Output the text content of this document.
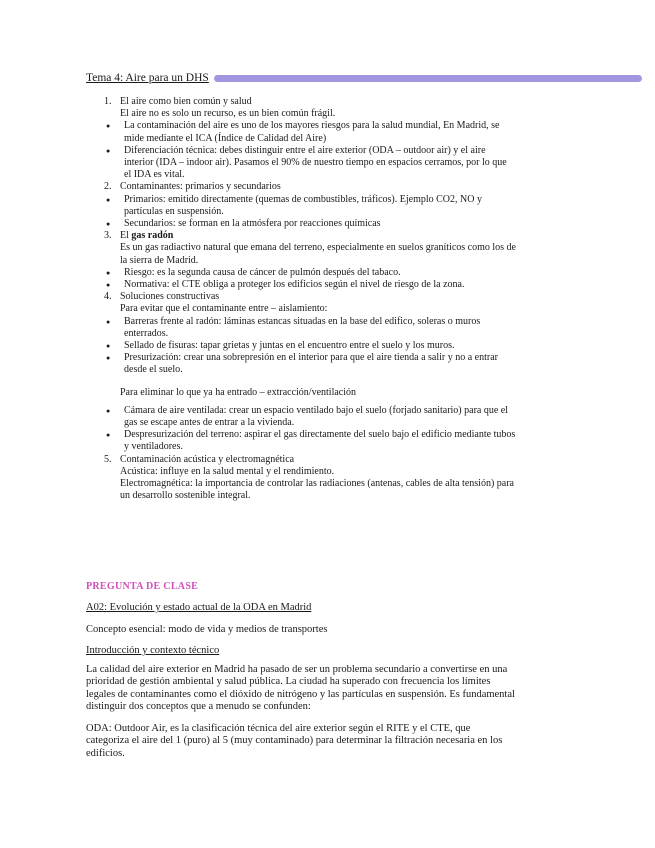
Tema 4: Aire para un DHS
1. El aire como bien común y salud
El aire no es solo un recurso, es un bien común frágil.
● La contaminación del aire es uno de los mayores riesgos para la salud mundial, En Madrid, se mide mediante el ICA (Índice de Calidad del Aire)
● Diferenciación técnica: debes distinguir entre el aire exterior (ODA – outdoor air) y el aire interior (IDA – indoor air). Pasamos el 90% de nuestro tiempo en espacios cerramos, por lo que el IDA es vital.
2. Contaminantes: primarios y secundarios
● Primarios: emitido directamente (quemas de combustibles, tráficos). Ejemplo CO2, NO y partículas en suspensión.
● Secundarios: se forman en la atmósfera por reacciones químicas
3. El gas radón
Es un gas radiactivo natural que emana del terreno, especialmente en suelos graníticos como los de la sierra de Madrid.
● Riesgo: es la segunda causa de cáncer de pulmón después del tabaco.
● Normativa: el CTE obliga a proteger los edificios según el nivel de riesgo de la zona.
4. Soluciones constructivas
Para evitar que el contaminante entre – aislamiento:
● Barreras frente al radón: láminas estancas situadas en la base del edifico, soleras o muros enterrados.
● Sellado de fisuras: tapar grietas y juntas en el encuentro entre el suelo y los muros.
● Presurización: crear una sobrepresión en el interior para que el aire tienda a salir y no a entrar desde el suelo.
Para eliminar lo que ya ha entrado – extracción/ventilación
● Cámara de aire ventilada: crear un espacio ventilado bajo el suelo (forjado sanitario) para que el gas se escape antes de entrar a la vivienda.
● Despresurización del terreno: aspirar el gas directamente del suelo bajo el edificio mediante tubos y ventiladores.
5. Contaminación acústica y electromagnética
Acústica: influye en la salud mental y el rendimiento.
Electromagnética: la importancia de controlar las radiaciones (antenas, cables de alta tensión) para un desarrollo sostenible integral.
PREGUNTA DE CLASE
A02: Evolución y estado actual de la ODA en Madrid
Concepto esencial: modo de vida y medios de transportes
Introducción y contexto técnico
La calidad del aire exterior en Madrid ha pasado de ser un problema secundario a convertirse en una prioridad de gestión ambiental y salud pública. La ciudad ha superado con frecuencia los límites legales de contaminantes como el dióxido de nitrógeno y las partículas en suspensión. Es fundamental distinguir dos conceptos que a menudo se confunden:
ODA: Outdoor Air, es la clasificación técnica del aire exterior según el RITE y el CTE, que categoriza el aire del 1 (puro) al 5 (muy contaminado) para determinar la filtración necesaria en los edificios.
